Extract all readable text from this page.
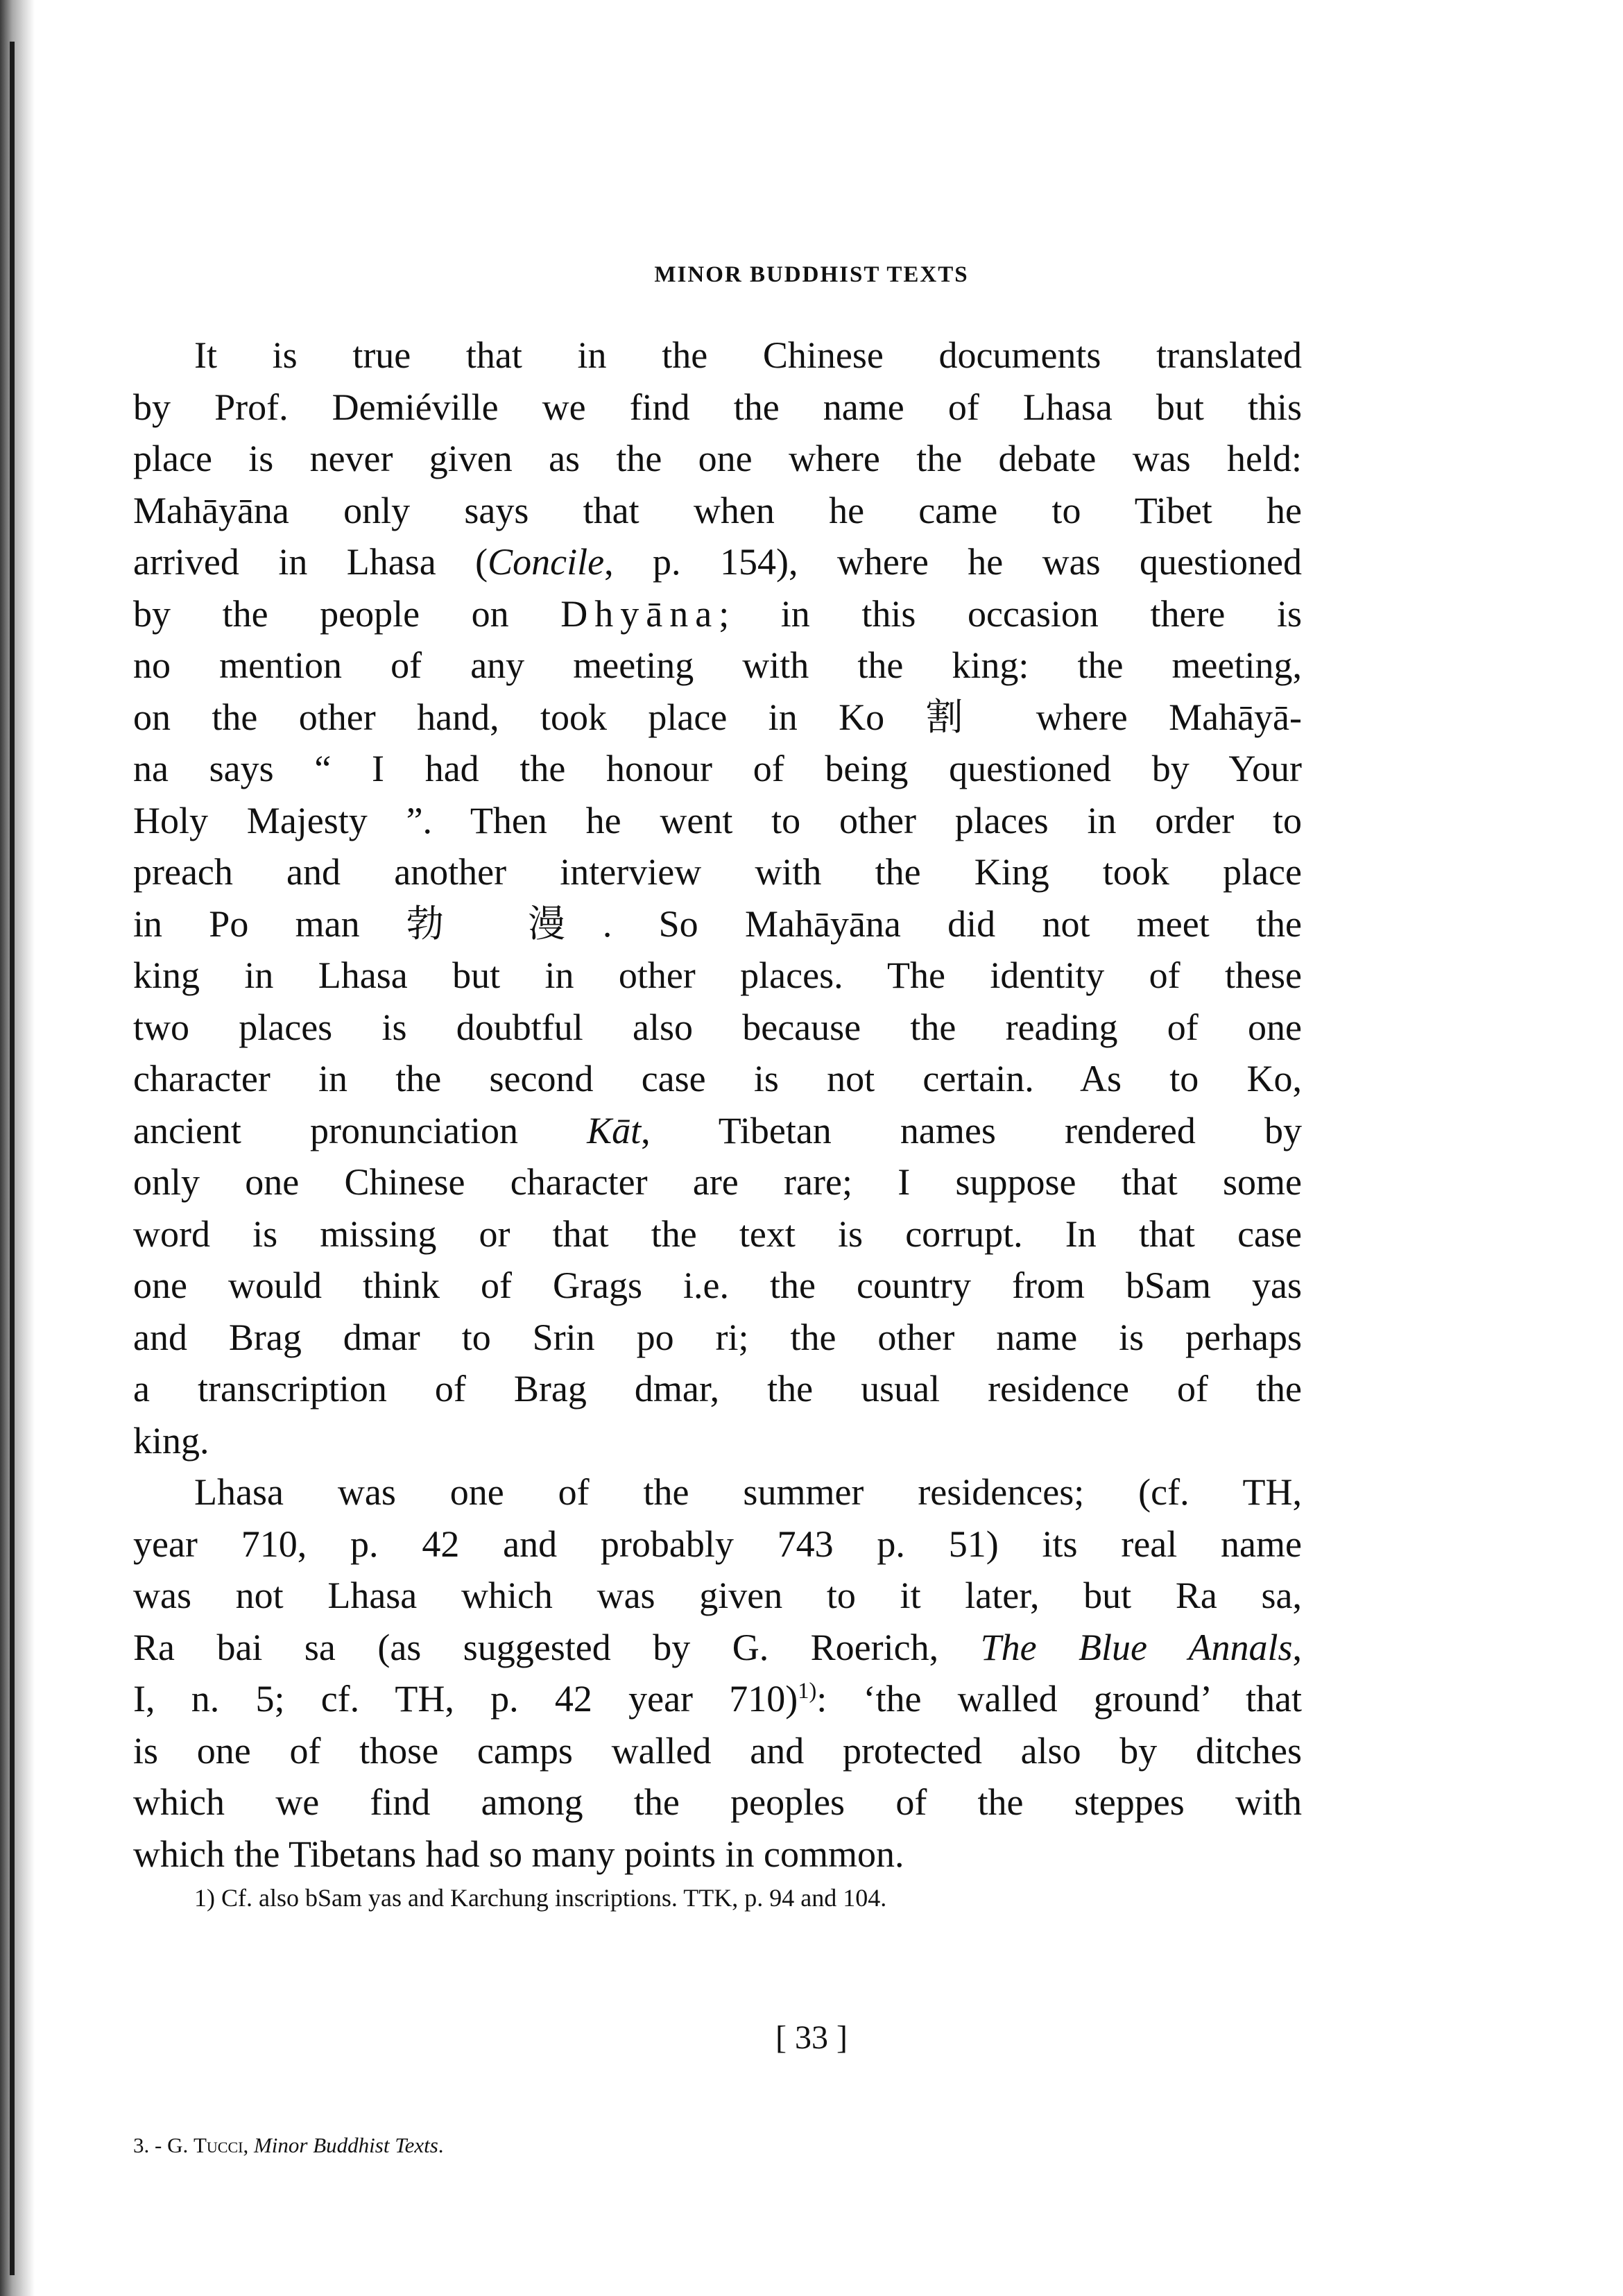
MINOR BUDDHIST TEXTS
It is true that in the Chinese documents translated
by Prof. Demiéville we find the name of Lhasa but this
place is never given as the one where the debate was held:
Mahāyāna only says that when he came to Tibet he
arrived in Lhasa (Concile, p. 154), where he was questioned
by the people on Dhyāna; in this occasion there is
no mention of any meeting with the king: the meeting,
on the other hand, took place in Ko 割 where Mahāyā-
na says “ I had the honour of being questioned by Your
Holy Majesty ”. Then he went to other places in order to
preach and another interview with the King took place
in Po man 勃 漫. So Mahāyāna did not meet the
king in Lhasa but in other places. The identity of these
two places is doubtful also because the reading of one
character in the second case is not certain. As to Ko,
ancient pronunciation Kāt, Tibetan names rendered by
only one Chinese character are rare; I suppose that some
word is missing or that the text is corrupt. In that case
one would think of Grags i.e. the country from bSam yas
and Brag dmar to Srin po ri; the other name is perhaps
a transcription of Brag dmar, the usual residence of the
king.
Lhasa was one of the summer residences; (cf. TH,
year 710, p. 42 and probably 743 p. 51) its real name
was not Lhasa which was given to it later, but Ra sa,
Ra bai sa (as suggested by G. Roerich, The Blue Annals,
I, n. 5; cf. TH, p. 42 year 710)$^{1)}$: ‘the walled ground’ that
is one of those camps walled and protected also by ditches
which we find among the peoples of the steppes with
which the Tibetans had so many points in common.
1) Cf. also bSam yas and Karchung inscriptions. TTK, p. 94 and 104.
[ 33 ]
3. - G. Tucci, Minor Buddhist Texts.
